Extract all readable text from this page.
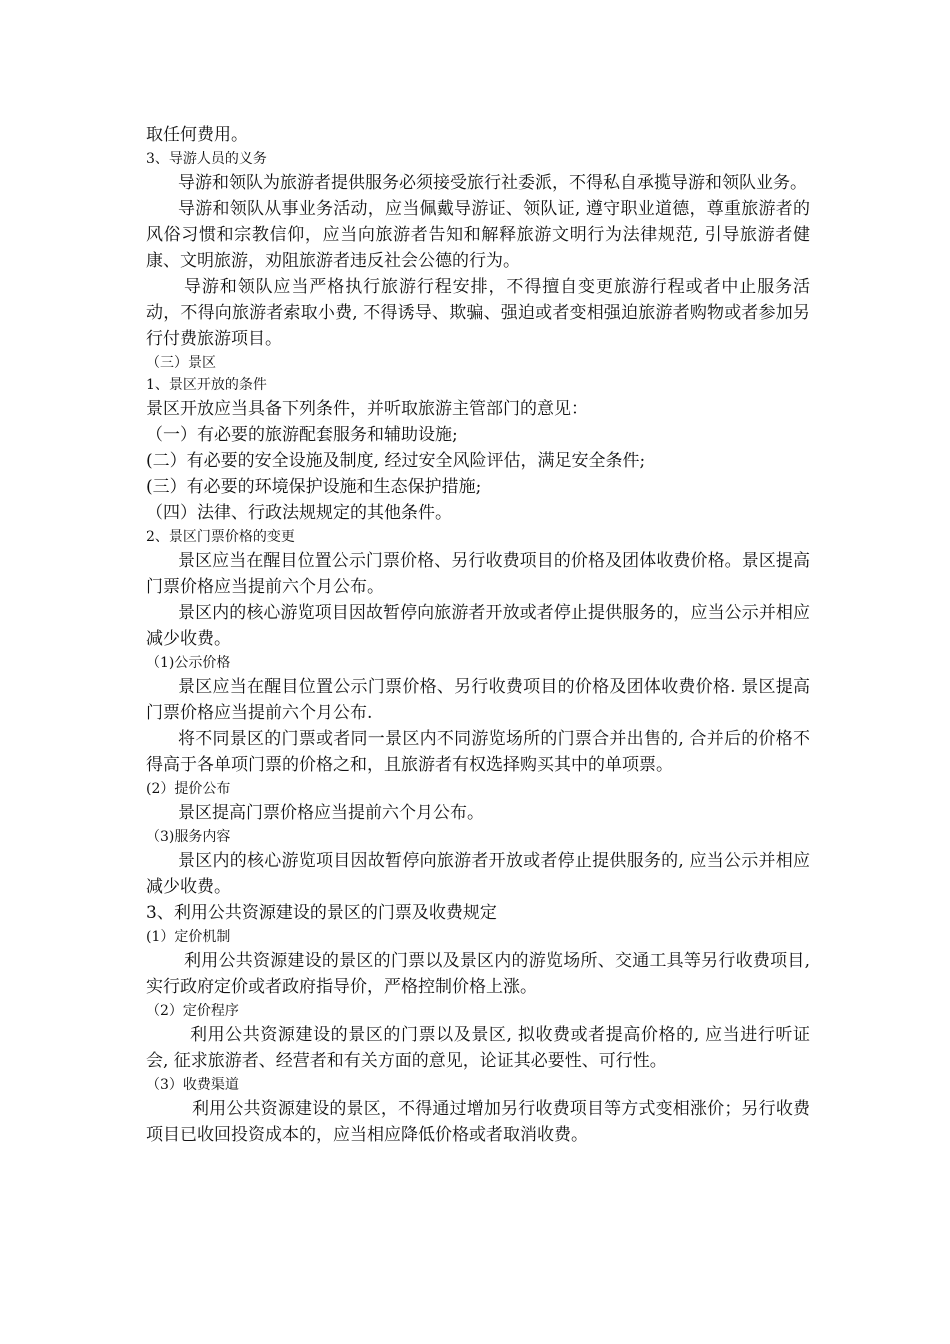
取任何费用。

3、导游人员的义务

导游和领队为旅游者提供服务必须接受旅行社委派，不得私自承揽导游和领队业务。

导游和领队从事业务活动，应当佩戴导游证、领队证, 遵守职业道德，尊重旅游者的风俗习惯和宗教信仰，应当向旅游者告知和解释旅游文明行为法律规范, 引导旅游者健康、文明旅游，劝阻旅游者违反社会公德的行为。

导游和领队应当严格执行旅游行程安排，不得擅自变更旅游行程或者中止服务活动，不得向旅游者索取小费, 不得诱导、欺骗、强迫或者变相强迫旅游者购物或者参加另行付费旅游项目。

（三）景区

1、景区开放的条件

景区开放应当具备下列条件，并听取旅游主管部门的意见：

（一）有必要的旅游配套服务和辅助设施;

(二）有必要的安全设施及制度, 经过安全风险评估，满足安全条件;

(三）有必要的环境保护设施和生态保护措施;

（四）法律、行政法规规定的其他条件。

2、景区门票价格的变更

景区应当在醒目位置公示门票价格、另行收费项目的价格及团体收费价格。景区提高门票价格应当提前六个月公布。

景区内的核心游览项目因故暂停向旅游者开放或者停止提供服务的，应当公示并相应减少收费。

（1)公示价格

景区应当在醒目位置公示门票价格、另行收费项目的价格及团体收费价格. 景区提高门票价格应当提前六个月公布.

将不同景区的门票或者同一景区内不同游览场所的门票合并出售的, 合并后的价格不得高于各单项门票的价格之和，且旅游者有权选择购买其中的单项票。

(2）提价公布

景区提高门票价格应当提前六个月公布。

（3)服务内容

景区内的核心游览项目因故暂停向旅游者开放或者停止提供服务的, 应当公示并相应减少收费。

3、利用公共资源建设的景区的门票及收费规定

(1）定价机制

利用公共资源建设的景区的门票以及景区内的游览场所、交通工具等另行收费项目, 实行政府定价或者政府指导价，严格控制价格上涨。

（2）定价程序

利用公共资源建设的景区的门票以及景区, 拟收费或者提高价格的, 应当进行听证会, 征求旅游者、经营者和有关方面的意见，论证其必要性、可行性。

（3）收费渠道

利用公共资源建设的景区，不得通过增加另行收费项目等方式变相涨价；另行收费项目已收回投资成本的，应当相应降低价格或者取消收费。
